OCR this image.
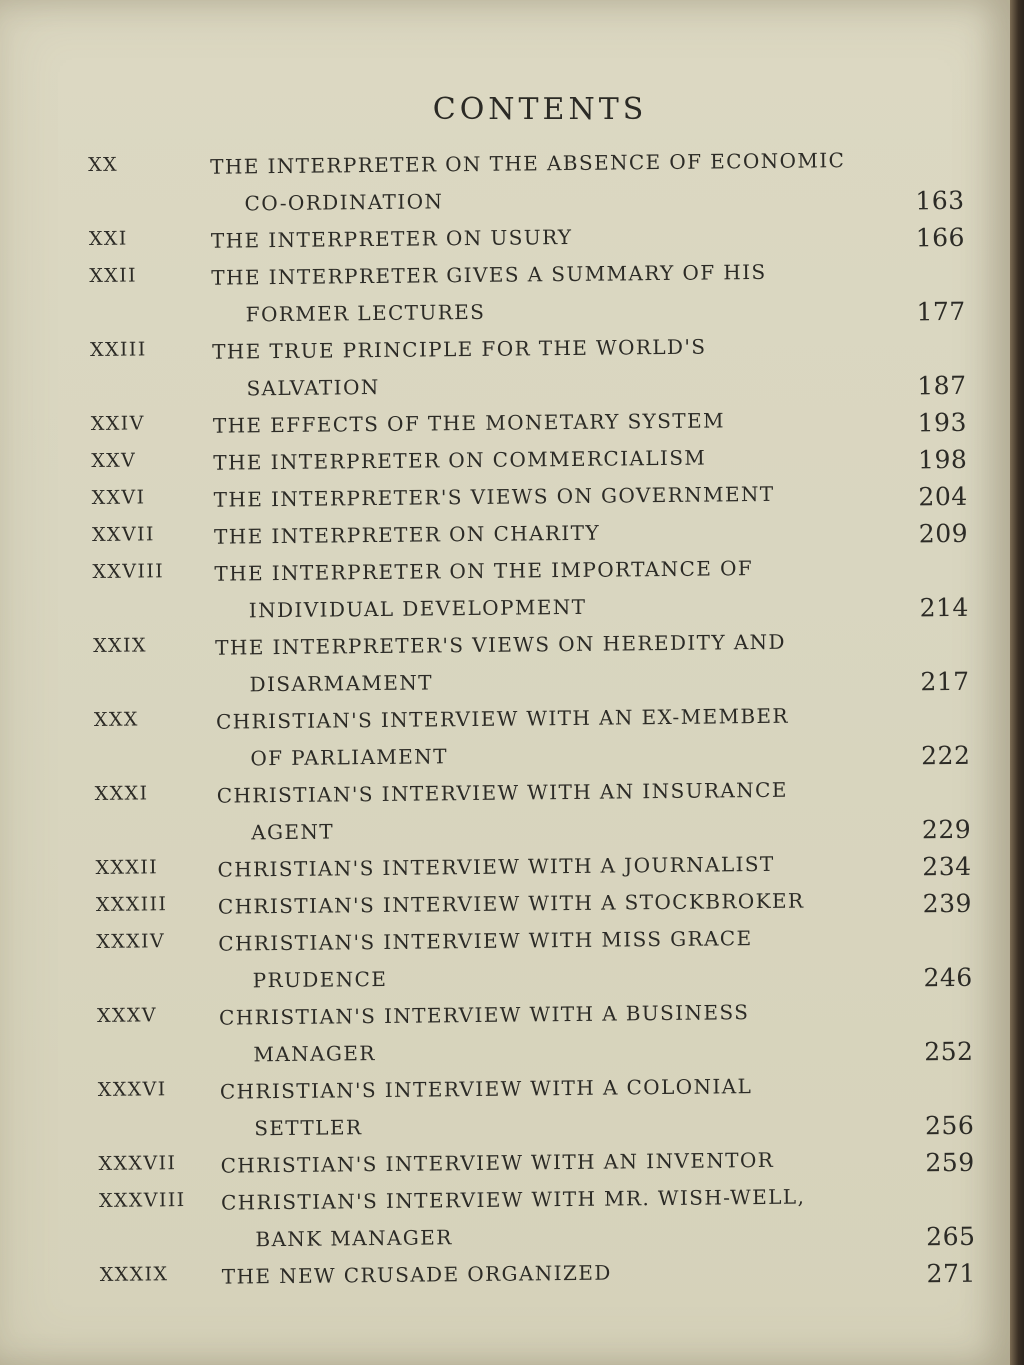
CONTENTS
XX	THE INTERPRETER ON THE ABSENCE OF ECONOMIC
CO-ORDINATION	163
XXI	THE INTERPRETER ON USURY	166
XXII	THE INTERPRETER GIVES A SUMMARY OF HIS
FORMER LECTURES	177
XXIII	THE TRUE PRINCIPLE FOR THE WORLD'S
SALVATION	187
XXIV	THE EFFECTS OF THE MONETARY SYSTEM	193
XXV	THE INTERPRETER ON COMMERCIALISM	198
XXVI	THE INTERPRETER'S VIEWS ON GOVERNMENT	204
XXVII	THE INTERPRETER ON CHARITY	209
XXVIII	THE INTERPRETER ON THE IMPORTANCE OF
INDIVIDUAL DEVELOPMENT	214
XXIX	THE INTERPRETER'S VIEWS ON HEREDITY AND
DISARMAMENT	217
XXX	CHRISTIAN'S INTERVIEW WITH AN EX-MEMBER
OF PARLIAMENT	222
XXXI	CHRISTIAN'S INTERVIEW WITH AN INSURANCE
AGENT	229
XXXII	CHRISTIAN'S INTERVIEW WITH A JOURNALIST	234
XXXIII	CHRISTIAN'S INTERVIEW WITH A STOCKBROKER	239
XXXIV	CHRISTIAN'S INTERVIEW WITH MISS GRACE
PRUDENCE	246
XXXV	CHRISTIAN'S INTERVIEW WITH A BUSINESS
MANAGER	252
XXXVI	CHRISTIAN'S INTERVIEW WITH A COLONIAL
SETTLER	256
XXXVII	CHRISTIAN'S INTERVIEW WITH AN INVENTOR	259
XXXVIII	CHRISTIAN'S INTERVIEW WITH MR. WISH-WELL,
BANK MANAGER	265
XXXIX	THE NEW CRUSADE ORGANIZED	271
